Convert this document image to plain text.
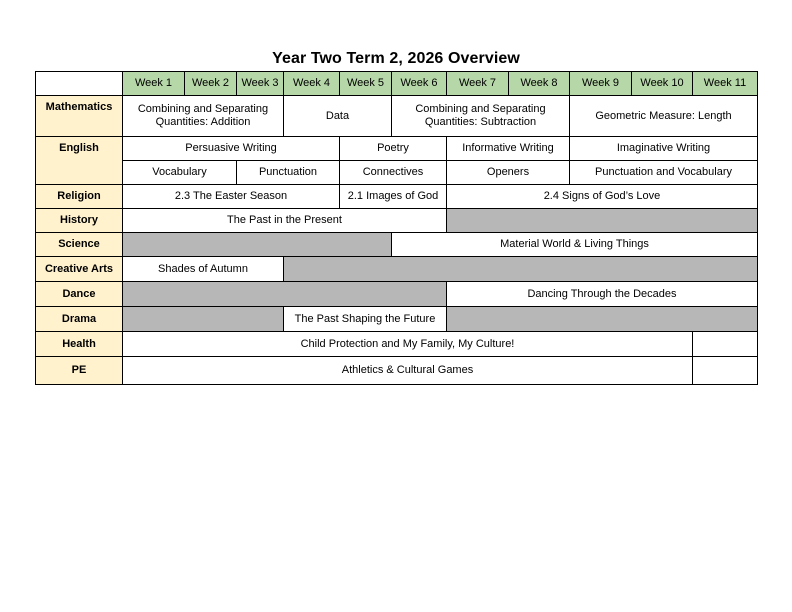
Year Two Term 2, 2026 Overview
	Week 1	Week 2	Week 3	Week 4	Week 5	Week 6	Week 7	Week 8	Week 9	Week 10	Week 11
Mathematics	Combining and Separating Quantities: Addition			Data		Combining and Separating Quantities: Subtraction			Geometric Measure: Length		
English	Persuasive Writing				Poetry		Informative Writing		Imaginative Writing		
	Vocabulary		Punctuation		Connectives		Openers		Punctuation and Vocabulary		
Religion	2.3 The Easter Season				2.1 Images of God		2.4 Signs of God’s Love				
History	The Past in the Present										
Science						Material World & Living Things					
Creative Arts	Shades of Autumn										
Dance							Dancing Through the Decades				
Drama				The Past Shaping the Future							
Health	Child Protection and My Family, My Culture!										
PE	Athletics & Cultural Games										
